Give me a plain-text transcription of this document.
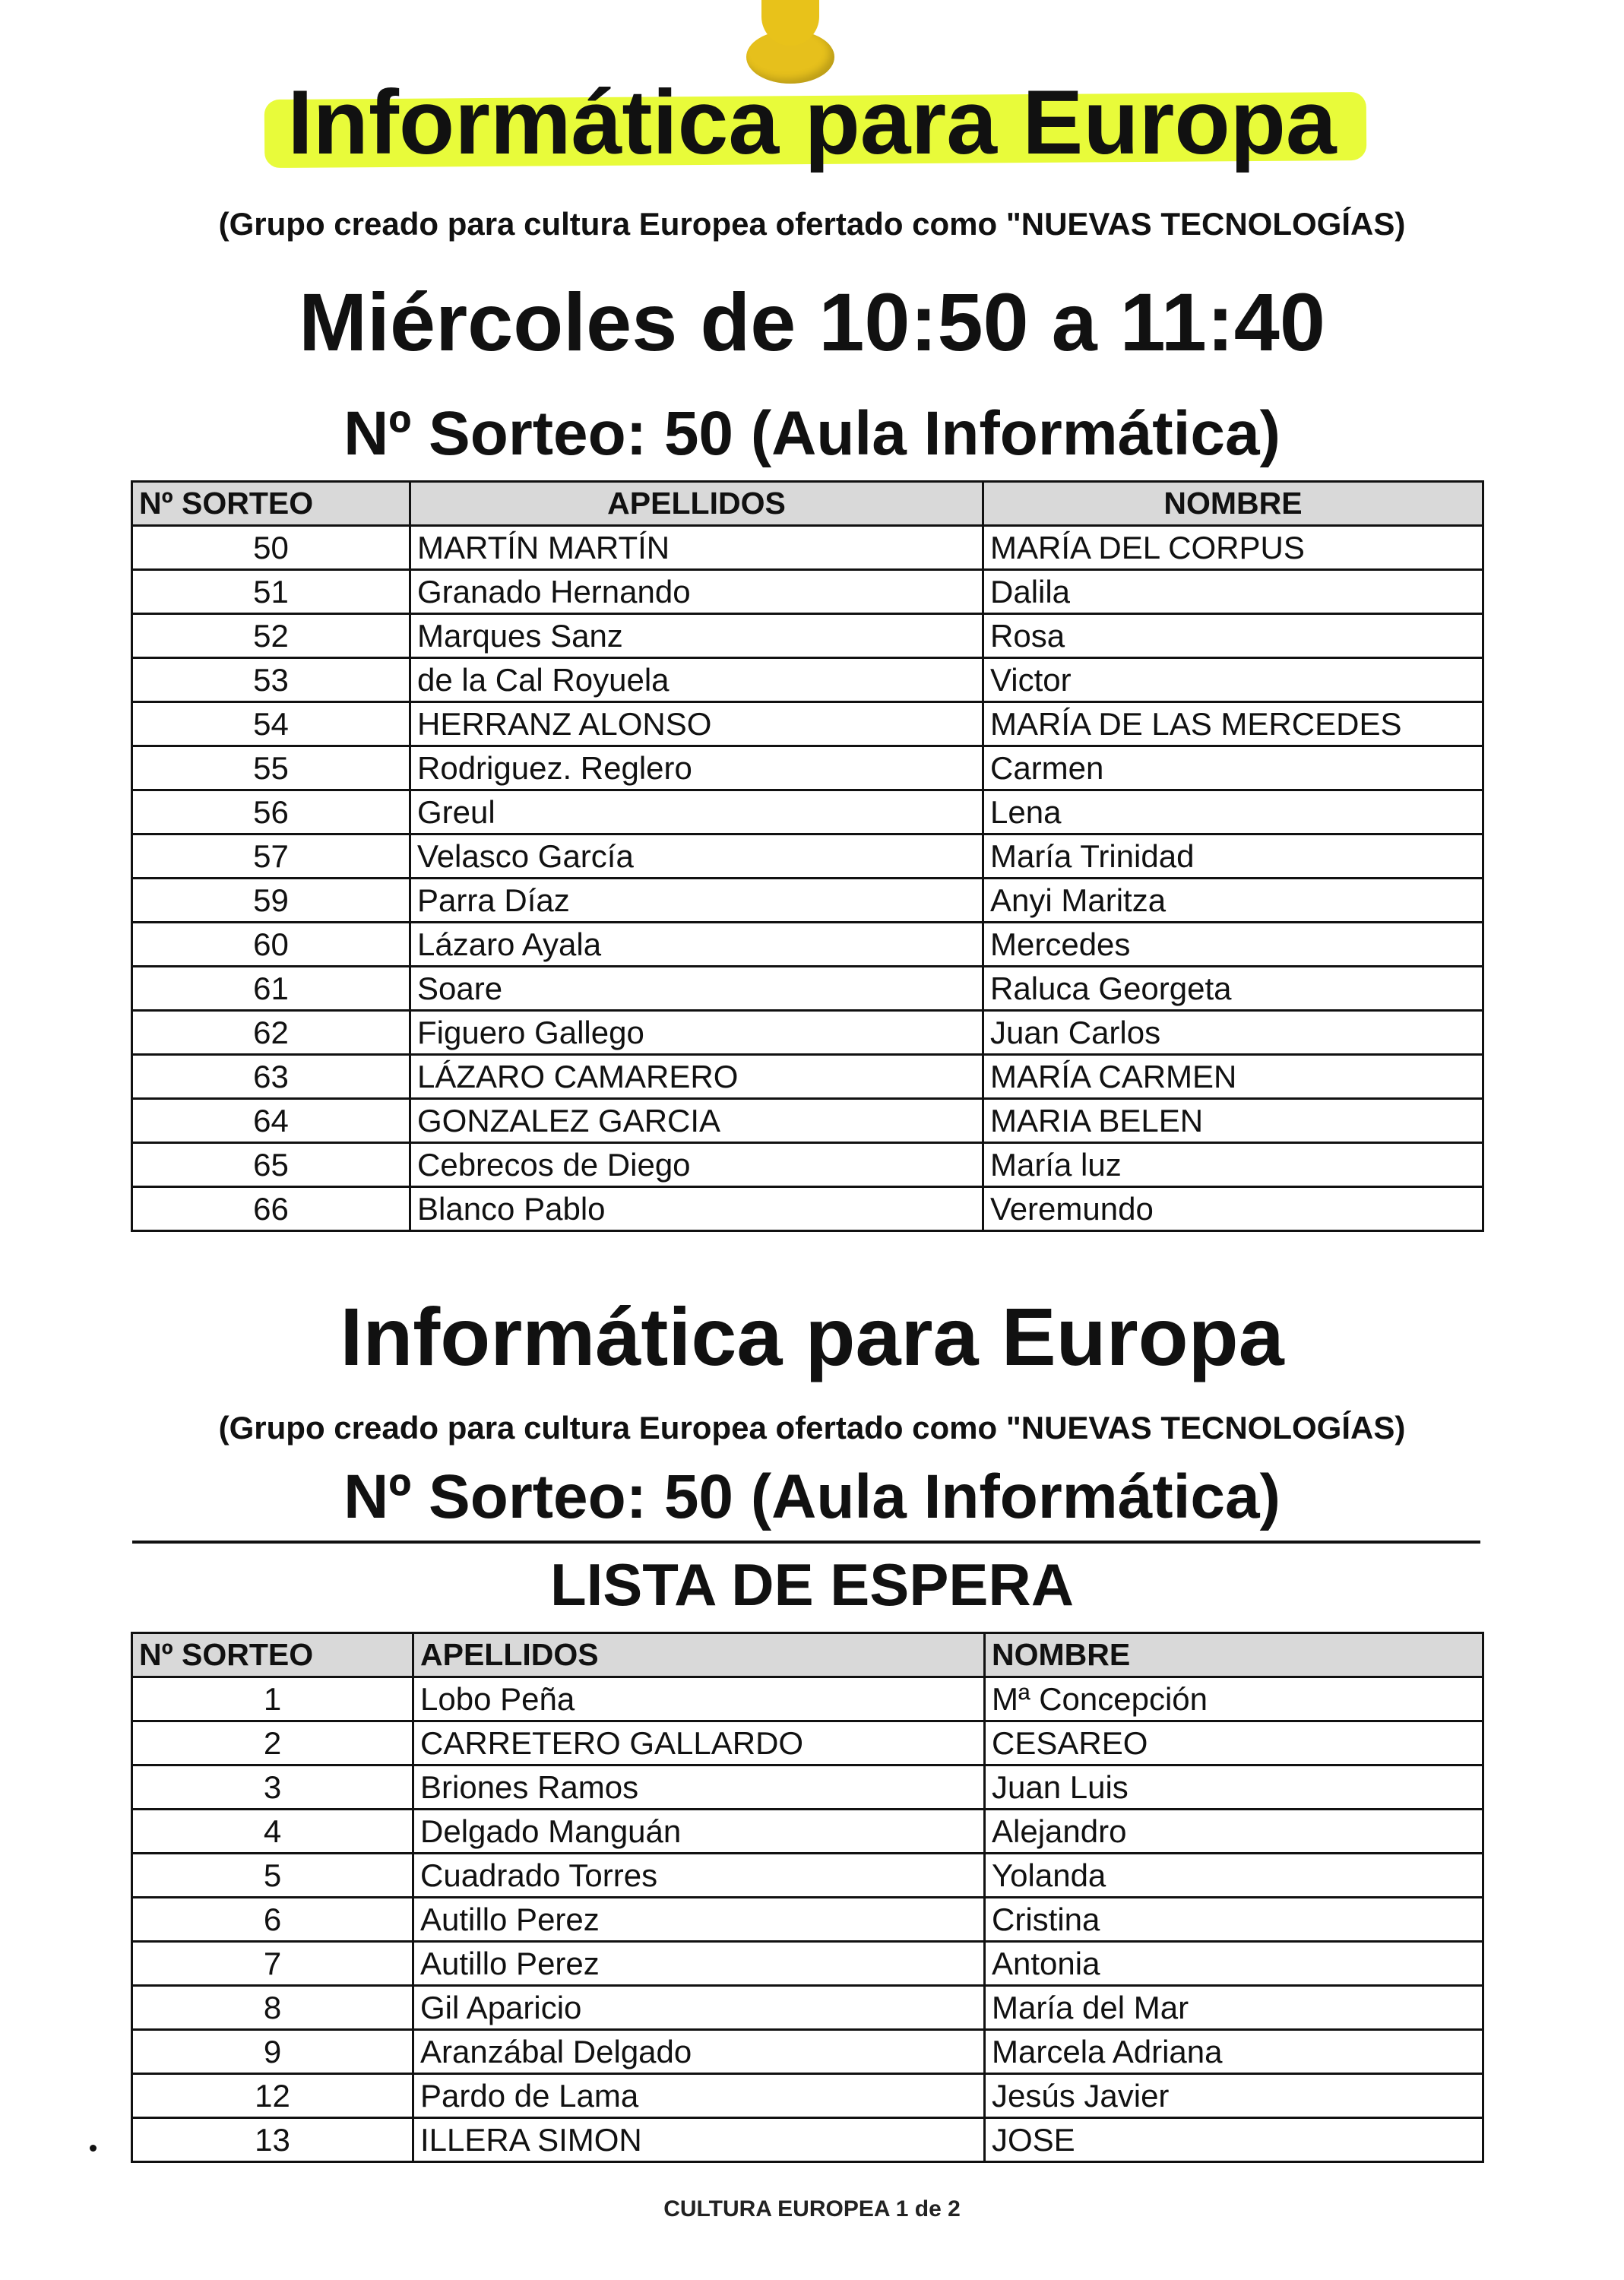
Informática para Europa
(Grupo creado para cultura Europea ofertado como "NUEVAS TECNOLOGÍAS)
Miércoles de 10:50 a 11:40
Nº Sorteo: 50 (Aula Informática)
Nº SORTEO	APELLIDOS	NOMBRE
50	MARTÍN MARTÍN	MARÍA DEL CORPUS
51	Granado Hernando	Dalila
52	Marques Sanz	Rosa
53	de la Cal Royuela	Victor
54	HERRANZ ALONSO	MARÍA DE LAS MERCEDES
55	Rodriguez. Reglero	Carmen
56	Greul	Lena
57	Velasco García	María Trinidad
59	Parra Díaz	Anyi Maritza
60	Lázaro Ayala	Mercedes
61	Soare	Raluca Georgeta
62	Figuero Gallego	Juan Carlos
63	LÁZARO CAMARERO	MARÍA CARMEN
64	GONZALEZ GARCIA	MARIA BELEN
65	Cebrecos de Diego	María luz
66	Blanco Pablo	Veremundo
Informática para Europa
(Grupo creado para cultura Europea ofertado como "NUEVAS TECNOLOGÍAS)
Nº Sorteo: 50 (Aula Informática)
LISTA DE ESPERA
Nº SORTEO	APELLIDOS	NOMBRE
1	Lobo Peña	Mª Concepción
2	CARRETERO GALLARDO	CESAREO
3	Briones Ramos	Juan Luis
4	Delgado Manguán	Alejandro
5	Cuadrado Torres	Yolanda
6	Autillo Perez	Cristina
7	Autillo Perez	Antonia
8	Gil Aparicio	María del Mar
9	Aranzábal Delgado	Marcela Adriana
12	Pardo de Lama	Jesús Javier
13	ILLERA SIMON	JOSE
CULTURA EUROPEA 1 de 2
